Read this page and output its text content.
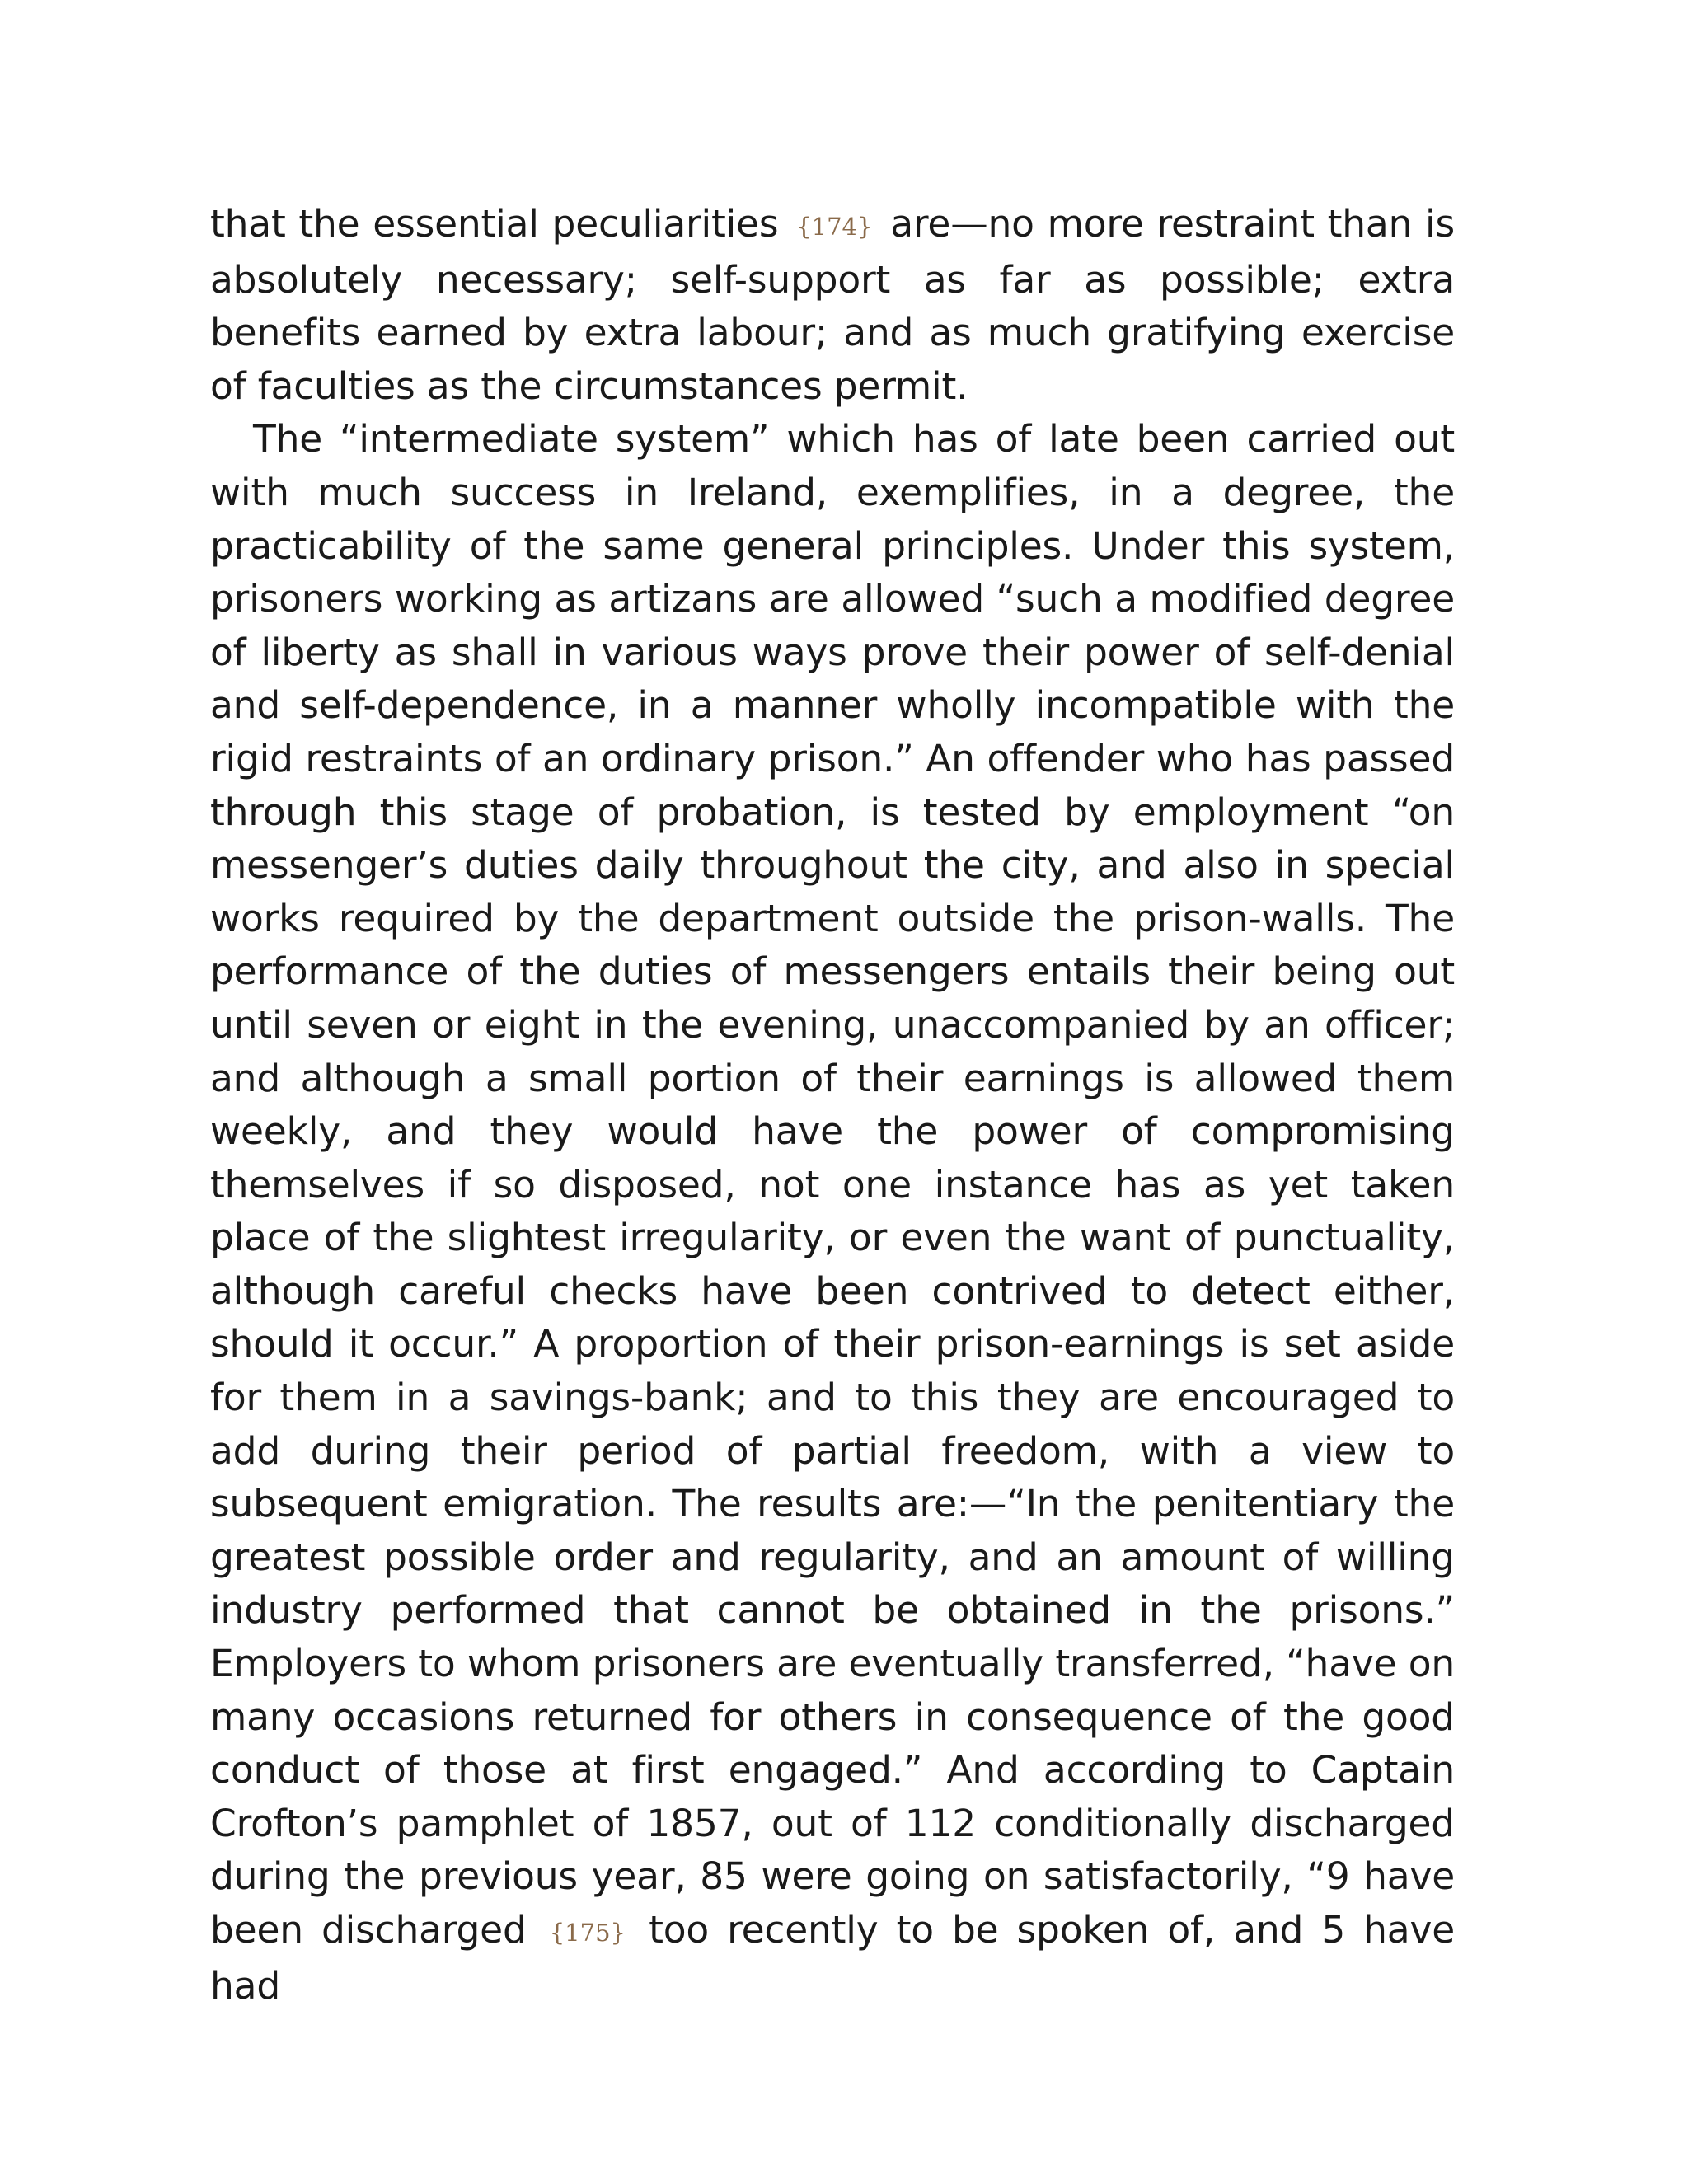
that the essential peculiarities {174} are—no more restraint than is absolutely necessary; self-support as far as possible; extra benefits earned by extra labour; and as much gratifying exercise of faculties as the circumstances permit.

The “intermediate system” which has of late been carried out with much success in Ireland, exemplifies, in a degree, the practicability of the same general principles. Under this system, prisoners working as artizans are allowed “such a modified degree of liberty as shall in various ways prove their power of self-denial and self-dependence, in a manner wholly incompatible with the rigid restraints of an ordinary prison.” An offender who has passed through this stage of probation, is tested by employment “on messenger’s duties daily throughout the city, and also in special works required by the department outside the prison-walls. The performance of the duties of messengers entails their being out until seven or eight in the evening, unaccompanied by an officer; and although a small portion of their earnings is allowed them weekly, and they would have the power of compromising themselves if so disposed, not one instance has as yet taken place of the slightest irregularity, or even the want of punctuality, although careful checks have been contrived to detect either, should it occur.” A proportion of their prison-earnings is set aside for them in a savings-bank; and to this they are encouraged to add during their period of partial freedom, with a view to subsequent emigration. The results are:—“In the penitentiary the greatest possible order and regularity, and an amount of willing industry performed that cannot be obtained in the prisons.” Employers to whom prisoners are eventually transferred, “have on many occasions returned for others in consequence of the good conduct of those at first engaged.” And according to Captain Crofton’s pamphlet of 1857, out of 112 conditionally discharged during the previous year, 85 were going on satisfactorily, “9 have been discharged {175} too recently to be spoken of, and 5 have had
